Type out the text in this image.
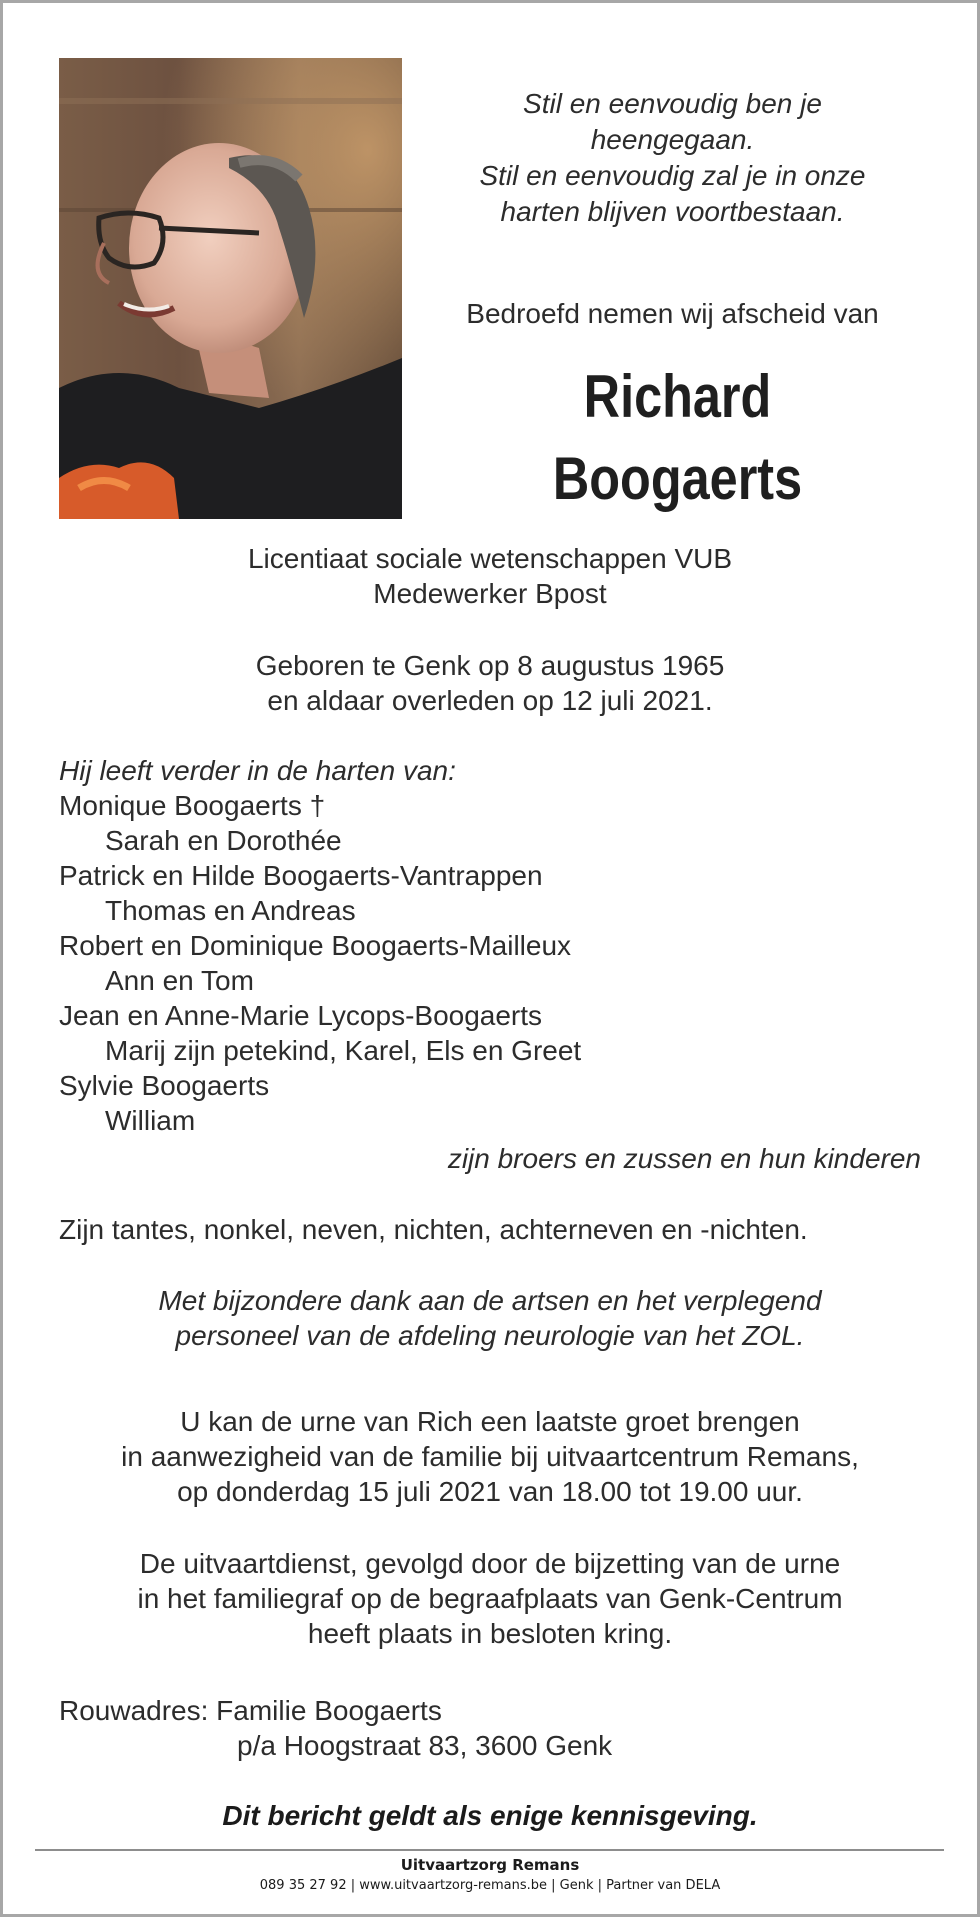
Stil en eenvoudig ben je
heengegaan.
Stil en eenvoudig zal je in onze
harten blijven voortbestaan.
Bedroefd nemen wij afscheid van
Richard Boogaerts
Licentiaat sociale wetenschappen VUB
Medewerker Bpost
Geboren te Genk op 8 augustus 1965
en aldaar overleden op 12 juli 2021.
Hij leeft verder in de harten van:
Monique Boogaerts †
Sarah en Dorothée
Patrick en Hilde Boogaerts-Vantrappen
Thomas en Andreas
Robert en Dominique Boogaerts-Mailleux
Ann en Tom
Jean en Anne-Marie Lycops-Boogaerts
Marij zijn petekind, Karel, Els en Greet
Sylvie Boogaerts
William
zijn broers en zussen en hun kinderen
Zijn tantes, nonkel, neven, nichten, achterneven en -nichten.
Met bijzondere dank aan de artsen en het verplegend
personeel van de afdeling neurologie van het ZOL.
U kan de urne van Rich een laatste groet brengen
in aanwezigheid van de familie bij uitvaartcentrum Remans,
op donderdag 15 juli 2021 van 18.00 tot 19.00 uur.
De uitvaartdienst, gevolgd door de bijzetting van de urne
in het familiegraf op de begraafplaats van Genk-Centrum
heeft plaats in besloten kring.
Rouwadres: Familie Boogaerts
p/a Hoogstraat 83, 3600 Genk
Dit bericht geldt als enige kennisgeving.
Uitvaartzorg Remans
089 35 27 92 | www.uitvaartzorg-remans.be | Genk | Partner van DELA
